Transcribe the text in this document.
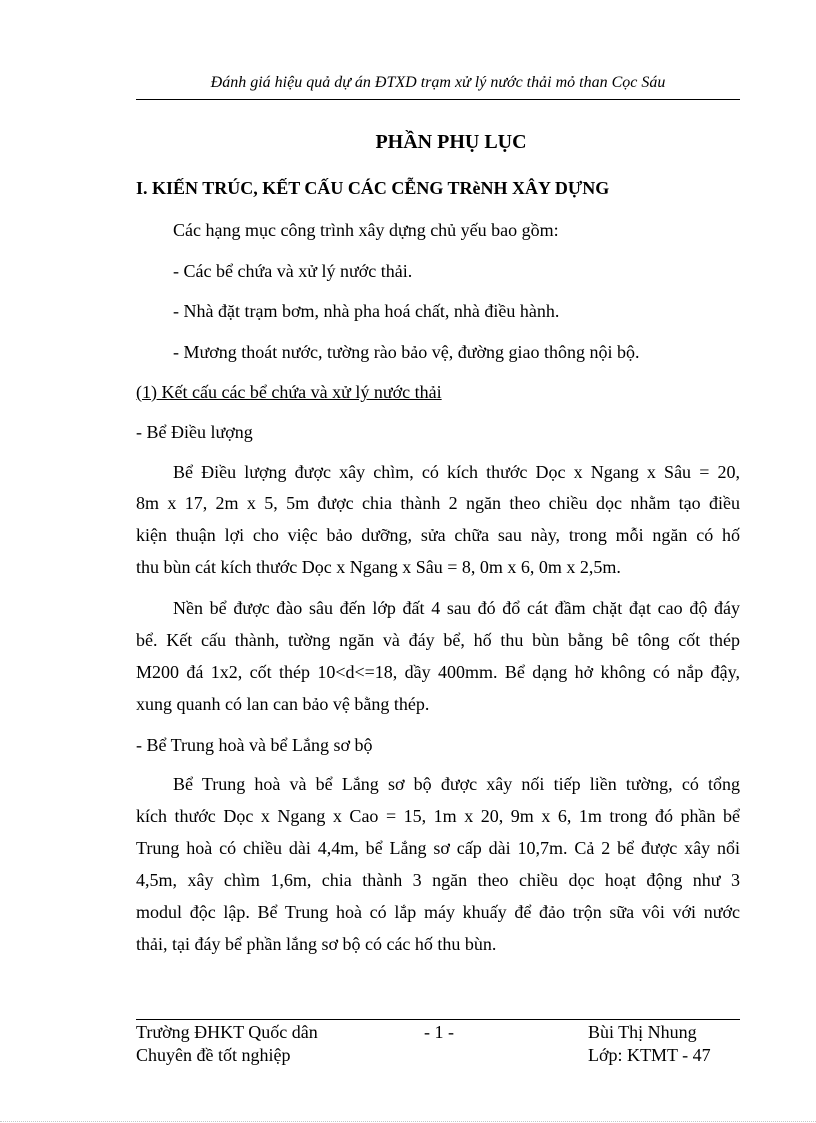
Đánh giá hiệu quả dự án ĐTXD trạm xử lý nước thải mỏ than Cọc Sáu
PHẦN PHỤ LỤC
I. KIẾN TRÚC, KẾT CẤU CÁC CỄNG TRèNH XÂY DỰNG
Các hạng mục công trình xây dựng chủ yếu bao gồm:
- Các bể chứa và xử lý nước thải.
- Nhà đặt trạm bơm, nhà pha hoá chất, nhà điều hành.
- Mương thoát nước, tường rào bảo vệ, đường giao thông nội bộ.
(1) Kết cấu các bể chứa và xử lý nước thải
- Bể Điều lượng
Bể Điều lượng được xây chìm, có kích thước Dọc x Ngang x Sâu = 20,
8m x 17, 2m x 5, 5m được chia thành 2 ngăn theo chiều dọc nhằm tạo điều
kiện thuận lợi cho việc bảo dưỡng, sửa chữa sau này, trong mỗi ngăn có hố
thu bùn cát kích thước Dọc x Ngang x Sâu = 8, 0m x 6, 0m x 2,5m.
Nền bể được đào sâu đến lớp đất 4 sau đó đổ cát đầm chặt đạt cao độ đáy
bể. Kết cấu thành, tường ngăn và đáy bể, hố thu bùn bằng bê tông cốt thép
M200 đá 1x2, cốt thép 10<d<=18, dầy 400mm. Bể dạng hở không có nắp đậy,
xung quanh có lan can bảo vệ bằng thép.
- Bể Trung hoà và bể Lắng sơ bộ
Bể Trung hoà và bể Lắng sơ bộ được xây nối tiếp liền tường, có tổng
kích thước Dọc x Ngang x Cao = 15, 1m x 20, 9m x 6, 1m trong đó phần bể
Trung hoà có chiều dài 4,4m, bể Lắng sơ cấp dài 10,7m. Cả 2 bể được xây nổi
4,5m, xây chìm 1,6m, chia thành 3 ngăn theo chiều dọc hoạt động như 3
modul độc lập. Bể Trung hoà có lắp máy khuấy để đảo trộn sữa vôi với nước
thải, tại đáy bể phần lắng sơ bộ có các hố thu bùn.
Trường ĐHKT Quốc dân	- 1 -	Bùi Thị Nhung
Chuyên đề tốt nghiệp	Lớp: KTMT - 47
